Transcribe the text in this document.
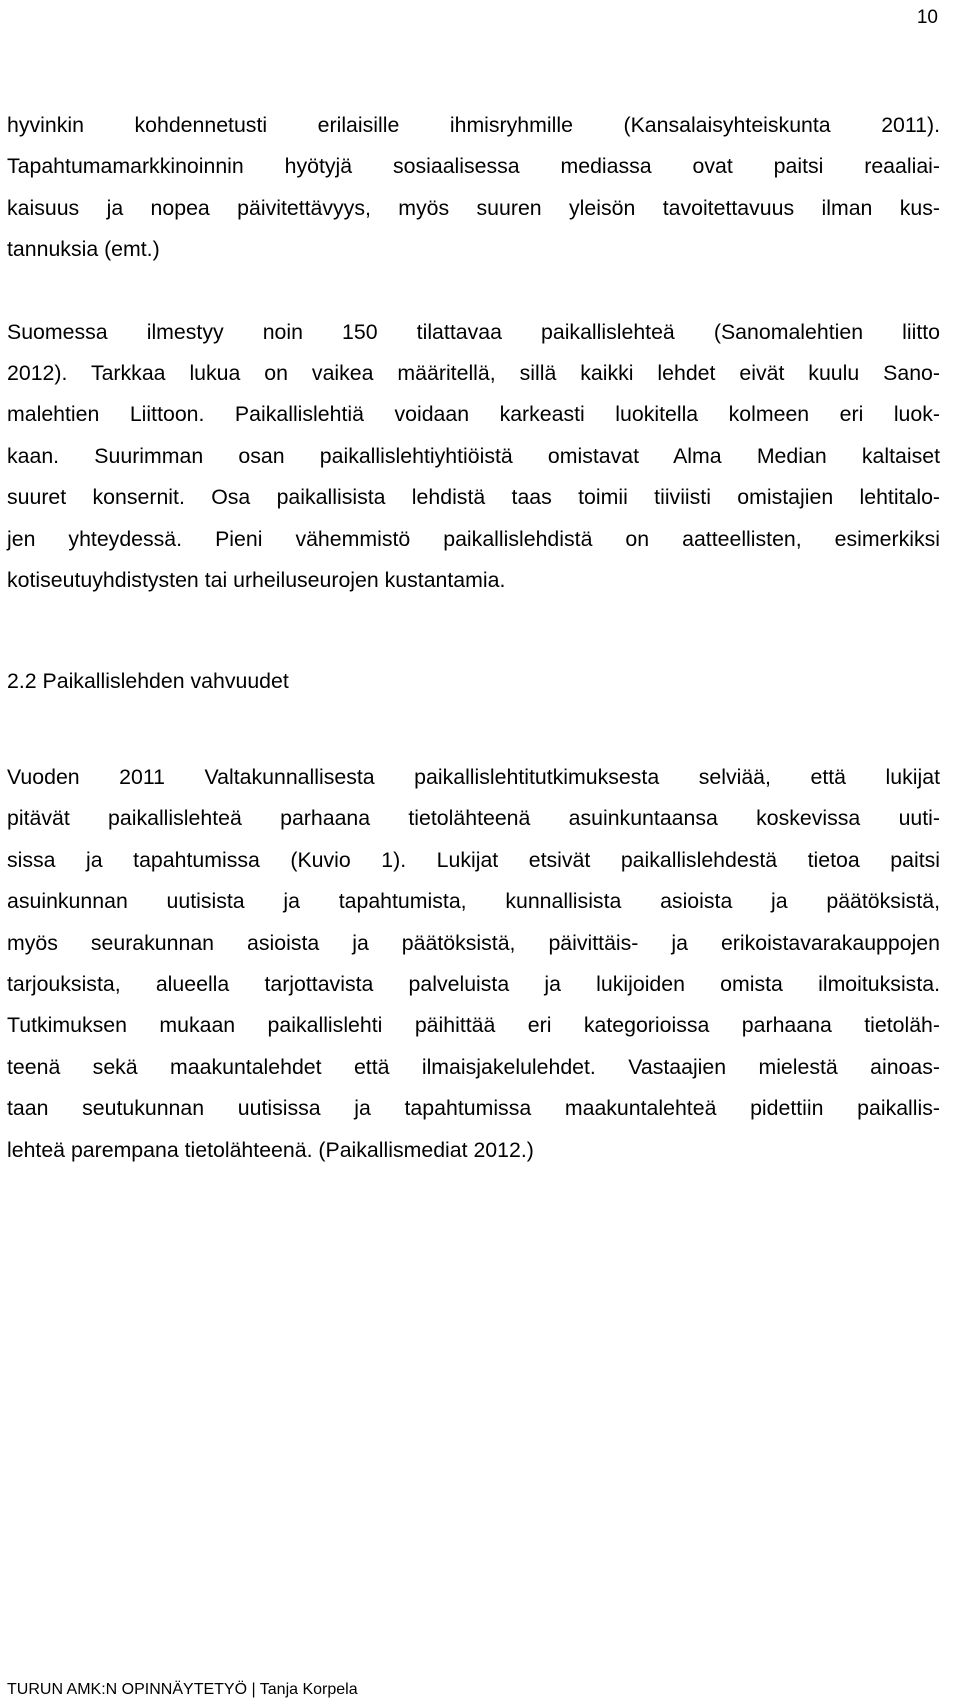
10

hyvinkin kohdennetusti erilaisille ihmisryhmille (Kansalaisyhteiskunta 2011).
Tapahtumamarkkinoinnin hyötyjä sosiaalisessa mediassa ovat paitsi reaaliai-
kaisuus ja nopea päivitettävyys, myös suuren yleisön tavoitettavuus ilman kus-
tannuksia (emt.)

Suomessa ilmestyy noin 150 tilattavaa paikallislehteä (Sanomalehtien liitto
2012). Tarkkaa lukua on vaikea määritellä, sillä kaikki lehdet eivät kuulu Sano-
malehtien Liittoon. Paikallislehtiä voidaan karkeasti luokitella kolmeen eri luok-
kaan. Suurimman osan paikallislehtiyhtiöistä omistavat Alma Median kaltaiset
suuret konsernit. Osa paikallisista lehdistä taas toimii tiiviisti omistajien lehtitalo-
jen yhteydessä. Pieni vähemmistö paikallislehdistä on aatteellisten, esimerkiksi
kotiseutuyhdistysten tai urheiluseurojen kustantamia.

2.2 Paikallislehden vahvuudet

Vuoden 2011 Valtakunnallisesta paikallislehtitutkimuksesta selviää, että lukijat
pitävät paikallislehteä parhaana tietolähteenä asuinkuntaansa koskevissa uuti-
sissa ja tapahtumissa (Kuvio 1). Lukijat etsivät paikallislehdestä tietoa paitsi
asuinkunnan uutisista ja tapahtumista, kunnallisista asioista ja päätöksistä,
myös seurakunnan asioista ja päätöksistä, päivittäis- ja erikoistavarakauppojen
tarjouksista, alueella tarjottavista palveluista ja lukijoiden omista ilmoituksista.
Tutkimuksen mukaan paikallislehti päihittää eri kategorioissa parhaana tietoläh-
teenä sekä maakuntalehdet että ilmaisjakelulehdet. Vastaajien mielestä ainoas-
taan seutukunnan uutisissa ja tapahtumissa maakuntalehteä pidettiin paikallis-
lehteä parempana tietolähteenä. (Paikallismediat 2012.)

TURUN AMK:N OPINNÄYTETYÖ | Tanja Korpela
